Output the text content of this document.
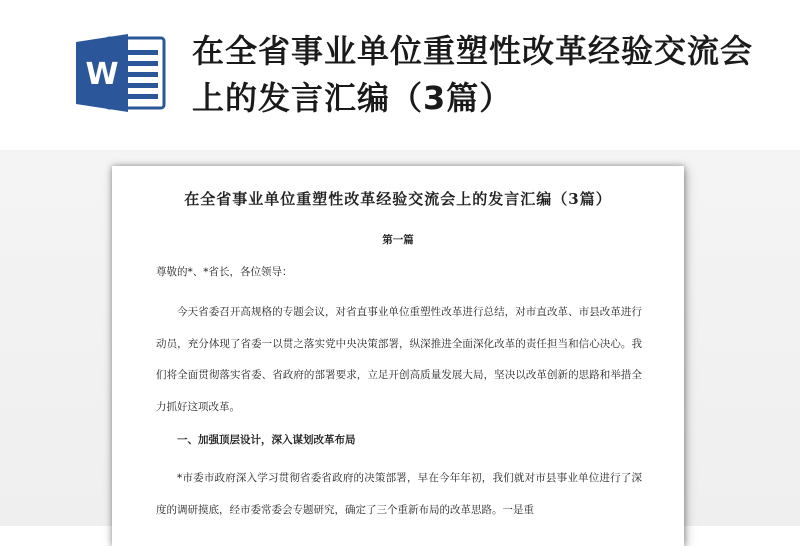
W
在全省事业单位重塑性改革经验交流会上的发言汇编（3篇）
在全省事业单位重塑性改革经验交流会上的发言汇编（3篇）
第一篇
尊敬的*、*省长，各位领导：

今天省委召开高规格的专题会议，对省直事业单位重塑性改革进行总结，对市直改革、市县改革进行动员，充分体现了省委一以贯之落实党中央决策部署，纵深推进全面深化改革的责任担当和信心决心。我们将全面贯彻落实省委、省政府的部署要求，立足开创高质量发展大局，坚决以改革创新的思路和举措全力抓好这项改革。

一、加强顶层设计，深入谋划改革布局

*市委市政府深入学习贯彻省委省政府的决策部署，早在今年年初，我们就对市县事业单位进行了深度的调研摸底，经市委常委会专题研究，确定了三个重新布局的改革思路。一是重
